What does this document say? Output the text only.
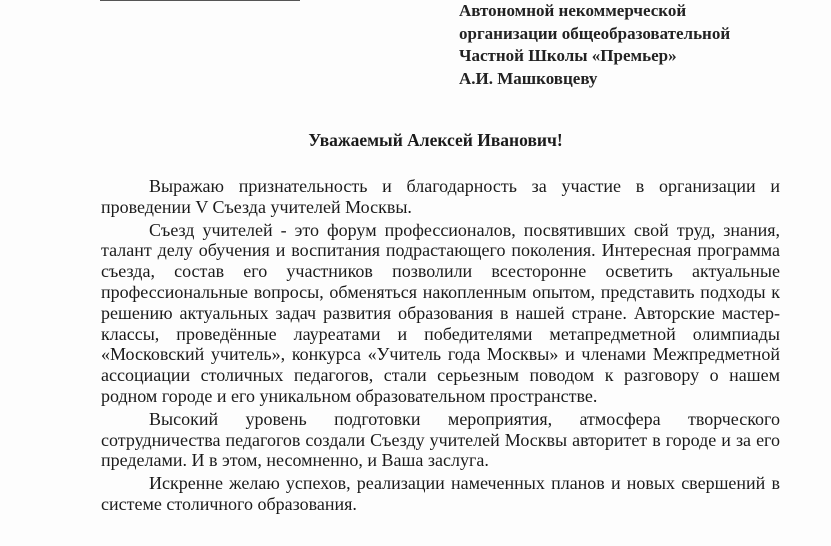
Автономной некоммерческой
организации общеобразовательной
Частной Школы «Премьер»
А.И. Машковцеву
Уважаемый Алексей Иванович!

Выражаю признательность и благодарность за участие в организации и проведении V Съезда учителей Москвы.

Съезд учителей - это форум профессионалов, посвятивших свой труд, знания, талант делу обучения и воспитания подрастающего поколения. Интересная программа съезда, состав его участников позволили всесторонне осветить актуальные профессиональные вопросы, обменяться накопленным опытом, представить подходы к решению актуальных задач развития образования в нашей стране. Авторские мастер-классы, проведённые лауреатами и победителями метапредметной олимпиады «Московский учитель», конкурса «Учитель года Москвы» и членами Межпредметной ассоциации столичных педагогов, стали серьезным поводом к разговору о нашем родном городе и его уникальном образовательном пространстве.

Высокий уровень подготовки мероприятия, атмосфера творческого сотрудничества педагогов создали Съезду учителей Москвы авторитет в городе и за его пределами. И в этом, несомненно, и Ваша заслуга.

Искренне желаю успехов, реализации намеченных планов и новых свершений в системе столичного образования.
